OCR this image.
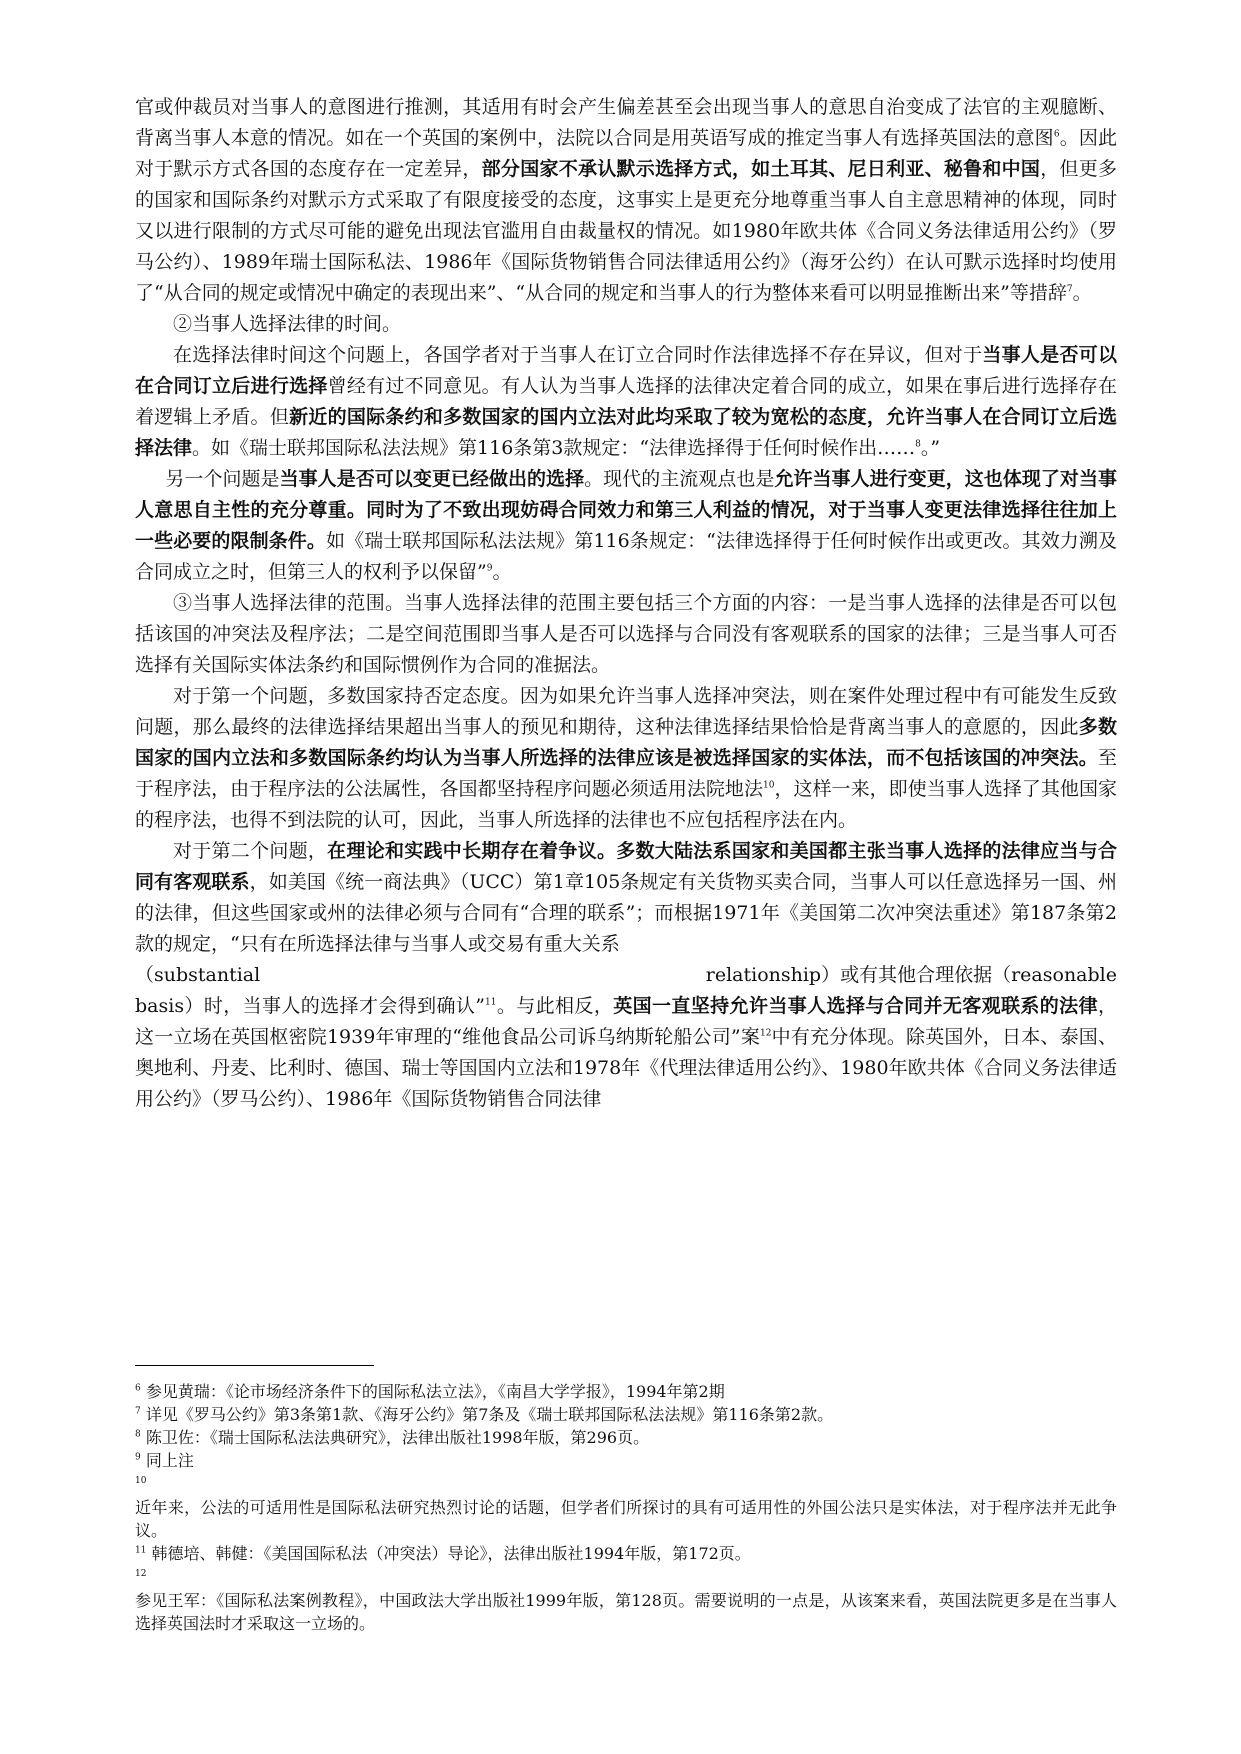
官或仲裁员对当事人的意图进行推测，其适用有时会产生偏差甚至会出现当事人的意思自治变成了法官的主观臆断、背离当事人本意的情况。如在一个英国的案例中，法院以合同是用英语写成的推定当事人有选择英国法的意图$^6$。因此对于默示方式各国的态度存在一定差异，部分国家不承认默示选择方式，如土耳其、尼日利亚、秘鲁和中国，但更多的国家和国际条约对默示方式采取了有限度接受的态度，这事实上是更充分地尊重当事人自主意思精神的体现，同时又以进行限制的方式尽可能的避免出现法官滥用自由裁量权的情况。如1980年欧共体《合同义务法律适用公约》（罗马公约）、1989年瑞士国际私法、1986年《国际货物销售合同法律适用公约》（海牙公约）在认可默示选择时均使用了“从合同的规定或情况中确定的表现出来”、“从合同的规定和当事人的行为整体来看可以明显推断出来”等措辞$^7$。

②当事人选择法律的时间。

在选择法律时间这个问题上，各国学者对于当事人在订立合同时作法律选择不存在异议，但对于当事人是否可以在合同订立后进行选择曾经有过不同意见。有人认为当事人选择的法律决定着合同的成立，如果在事后进行选择存在着逻辑上矛盾。但新近的国际条约和多数国家的国内立法对此均采取了较为宽松的态度，允许当事人在合同订立后选择法律。如《瑞士联邦国际私法法规》第116条第3款规定：“法律选择得于任何时候作出……$^8$。”

另一个问题是当事人是否可以变更已经做出的选择。现代的主流观点也是允许当事人进行变更，这也体现了对当事人意思自主性的充分尊重。同时为了不致出现妨碍合同效力和第三人利益的情况，对于当事人变更法律选择往往加上一些必要的限制条件。如《瑞士联邦国际私法法规》第116条规定：“法律选择得于任何时候作出或更改。其效力溯及合同成立之时，但第三人的权利予以保留”$^9$。

③当事人选择法律的范围。当事人选择法律的范围主要包括三个方面的内容：一是当事人选择的法律是否可以包括该国的冲突法及程序法；二是空间范围即当事人是否可以选择与合同没有客观联系的国家的法律；三是当事人可否选择有关国际实体法条约和国际惯例作为合同的准据法。

对于第一个问题，多数国家持否定态度。因为如果允许当事人选择冲突法，则在案件处理过程中有可能发生反致问题，那么最终的法律选择结果超出当事人的预见和期待，这种法律选择结果恰恰是背离当事人的意愿的，因此多数国家的国内立法和多数国际条约均认为当事人所选择的法律应该是被选择国家的实体法，而不包括该国的冲突法。至于程序法，由于程序法的公法属性，各国都坚持程序问题必须适用法院地法$^{10}$，这样一来，即使当事人选择了其他国家的程序法，也得不到法院的认可，因此，当事人所选择的法律也不应包括程序法在内。

对于第二个问题，在理论和实践中长期存在着争议。多数大陆法系国家和美国都主张当事人选择的法律应当与合同有客观联系，如美国《统一商法典》（UCC）第1章105条规定有关货物买卖合同，当事人可以任意选择另一国、州的法律，但这些国家或州的法律必须与合同有“合理的联系”；而根据1971年《美国第二次冲突法重述》第187条第2款的规定，“只有在所选择法律与当事人或交易有重大关系

（substantial	relationship）或有其他合理依据（reasonable

basis）时，当事人的选择才会得到确认”$^{11}$。与此相反，英国一直坚持允许当事人选择与合同并无客观联系的法律，这一立场在英国枢密院1939年审理的“维他食品公司诉乌纳斯轮船公司”案$^{12}$中有充分体现。除英国外，日本、泰国、奥地利、丹麦、比利时、德国、瑞士等国国内立法和1978年《代理法律适用公约》、1980年欧共体《合同义务法律适用公约》（罗马公约）、1986年《国际货物销售合同法律

$^6$ 参见黄瑞：《论市场经济条件下的国际私法立法》，《南昌大学学报》，1994年第2期

$^7$ 详见《罗马公约》第3条第1款、《海牙公约》第7条及《瑞士联邦国际私法法规》第116条第2款。

$^8$ 陈卫佐：《瑞士国际私法法典研究》，法律出版社1998年版，第296页。

$^9$ 同上注

10

近年来，公法的可适用性是国际私法研究热烈讨论的话题，但学者们所探讨的具有可适用性的外国公法只是实体法，对于程序法并无此争议。

$^{11}$ 韩德培、韩健：《美国国际私法（冲突法）导论》，法律出版社1994年版，第172页。

12

参见王军：《国际私法案例教程》，中国政法大学出版社1999年版，第128页。需要说明的一点是，从该案来看，英国法院更多是在当事人选择英国法时才采取这一立场的。
